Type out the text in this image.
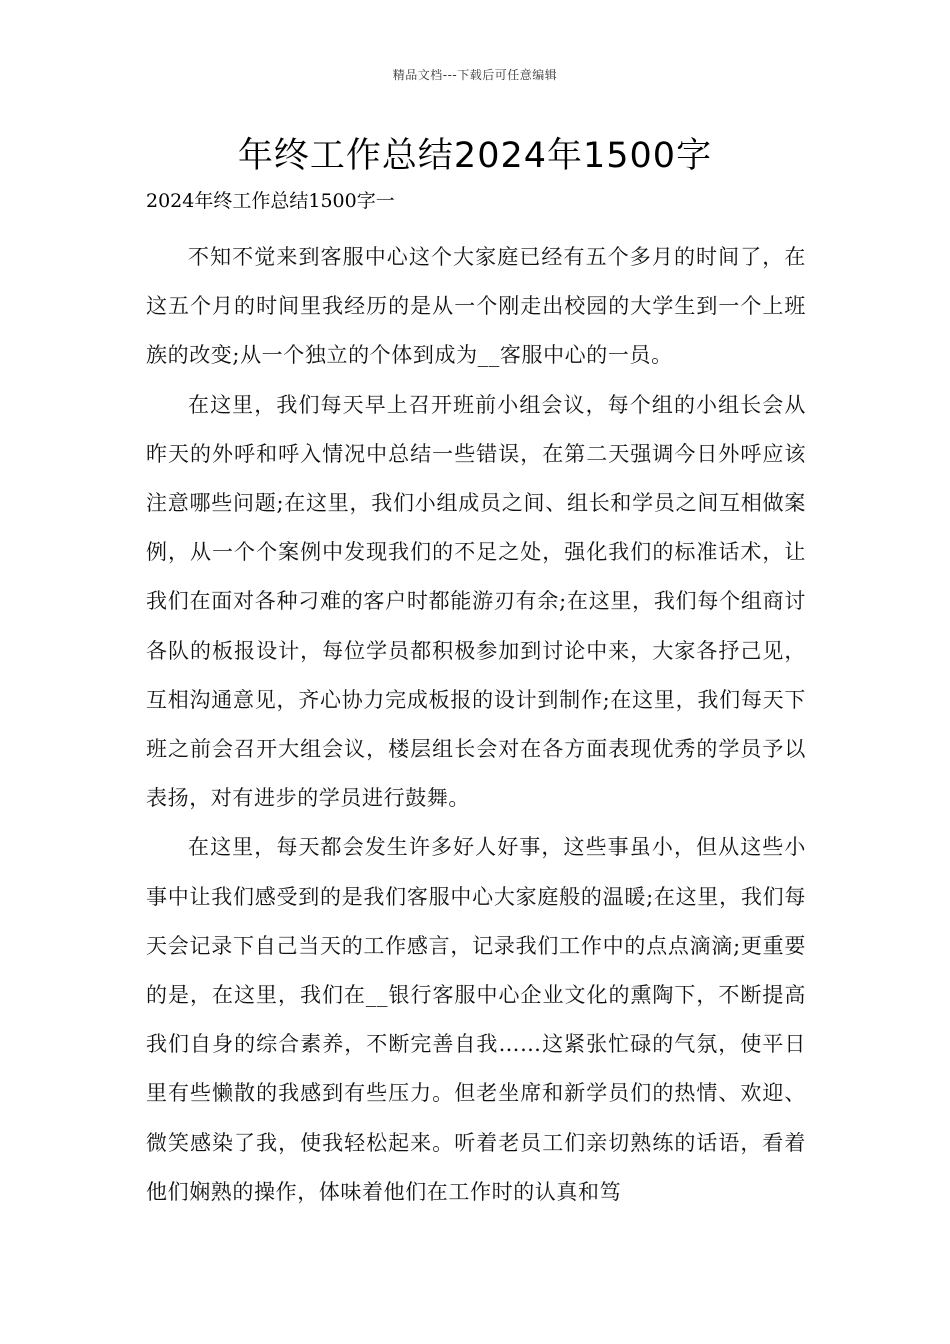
精品文档---下载后可任意编辑
年终工作总结2024年1500字

2024年终工作总结1500字一

不知不觉来到客服中心这个大家庭已经有五个多月的时间了，在这五个月的时间里我经历的是从一个刚走出校园的大学生到一个上班族的改变;从一个独立的个体到成为__客服中心的一员。

在这里，我们每天早上召开班前小组会议，每个组的小组长会从昨天的外呼和呼入情况中总结一些错误，在第二天强调今日外呼应该注意哪些问题;在这里，我们小组成员之间、组长和学员之间互相做案例，从一个个案例中发现我们的不足之处，强化我们的标准话术，让我们在面对各种刁难的客户时都能游刃有余;在这里，我们每个组商讨各队的板报设计，每位学员都积极参加到讨论中来，大家各抒己见，互相沟通意见，齐心协力完成板报的设计到制作;在这里，我们每天下班之前会召开大组会议，楼层组长会对在各方面表现优秀的学员予以表扬，对有进步的学员进行鼓舞。

在这里，每天都会发生许多好人好事，这些事虽小，但从这些小事中让我们感受到的是我们客服中心大家庭般的温暖;在这里，我们每天会记录下自己当天的工作感言，记录我们工作中的点点滴滴;更重要的是，在这里，我们在__银行客服中心企业文化的熏陶下，不断提高我们自身的综合素养，不断完善自我……这紧张忙碌的气氛，使平日里有些懒散的我感到有些压力。但老坐席和新学员们的热情、欢迎、微笑感染了我，使我轻松起来。听着老员工们亲切熟练的话语，看着他们娴熟的操作，体味着他们在工作时的认真和笃
